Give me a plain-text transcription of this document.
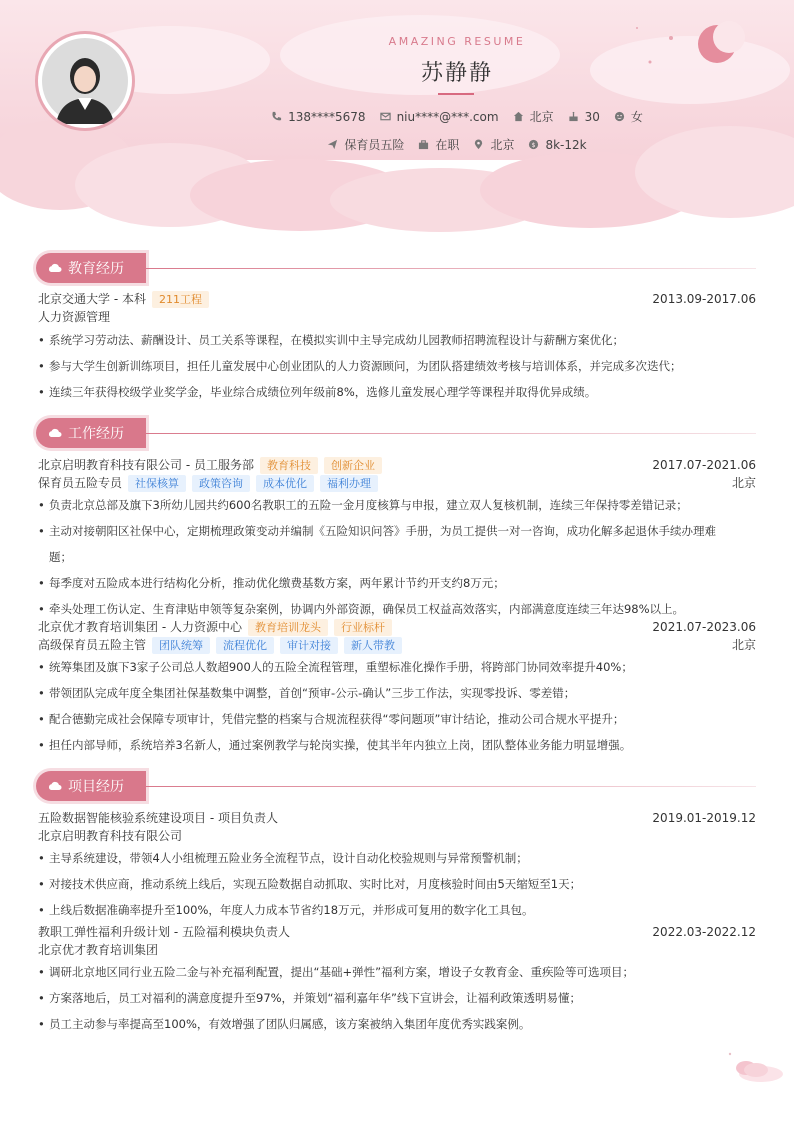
AMAZING RESUME
苏静静
138****5678	niu****@***.com	北京	30	女
保育员五险	在职	北京 $ 8k-12k
教育经历
北京交通大学 - 本科	211工程	2013.09-2017.06
人力资源管理
• 系统学习劳动法、薪酬设计、员工关系等课程，在模拟实训中主导完成幼儿园教师招聘流程设计与薪酬方案优化；
• 参与大学生创新训练项目，担任儿童发展中心创业团队的人力资源顾问，为团队搭建绩效考核与培训体系，并完成多次迭代；
• 连续三年获得校级学业奖学金，毕业综合成绩位列年级前8%，选修儿童发展心理学等课程并取得优异成绩。
工作经历
北京启明教育科技有限公司 - 员工服务部	教育科技	创新企业	2017.07-2021.06
保育员五险专员	社保核算	政策咨询	成本优化	福利办理	北京
• 负责北京总部及旗下3所幼儿园共约600名教职工的五险一金月度核算与申报，建立双人复核机制，连续三年保持零差错记录；
• 主动对接朝阳区社保中心，定期梳理政策变动并编制《五险知识问答》手册，为员工提供一对一咨询，成功化解多起退休手续办理难
题；
• 每季度对五险成本进行结构化分析，推动优化缴费基数方案，两年累计节约开支约8万元；
• 牵头处理工伤认定、生育津贴申领等复杂案例，协调内外部资源，确保员工权益高效落实，内部满意度连续三年达98%以上。
北京优才教育培训集团 - 人力资源中心	教育培训龙头	行业标杆	2021.07-2023.06
高级保育员五险主管	团队统筹	流程优化	审计对接	新人带教	北京
• 统筹集团及旗下3家子公司总人数超900人的五险全流程管理，重塑标准化操作手册，将跨部门协同效率提升40%；
• 带领团队完成年度全集团社保基数集中调整，首创“预审-公示-确认”三步工作法，实现零投诉、零差错；
• 配合德勤完成社会保障专项审计，凭借完整的档案与合规流程获得“零问题项”审计结论，推动公司合规水平提升；
• 担任内部导师，系统培养3名新人，通过案例教学与轮岗实操，使其半年内独立上岗，团队整体业务能力明显增强。
项目经历
五险数据智能核验系统建设项目 - 项目负责人	2019.01-2019.12
北京启明教育科技有限公司
• 主导系统建设，带领4人小组梳理五险业务全流程节点，设计自动化校验规则与异常预警机制；
• 对接技术供应商，推动系统上线后，实现五险数据自动抓取、实时比对，月度核验时间由5天缩短至1天；
• 上线后数据准确率提升至100%，年度人力成本节省约18万元，并形成可复用的数字化工具包。
教职工弹性福利升级计划 - 五险福利模块负责人	2022.03-2022.12
北京优才教育培训集团
• 调研北京地区同行业五险二金与补充福利配置，提出“基础+弹性”福利方案，增设子女教育金、重疾险等可选项目；
• 方案落地后，员工对福利的满意度提升至97%，并策划“福利嘉年华”线下宣讲会，让福利政策透明易懂；
• 员工主动参与率提高至100%，有效增强了团队归属感，该方案被纳入集团年度优秀实践案例。
